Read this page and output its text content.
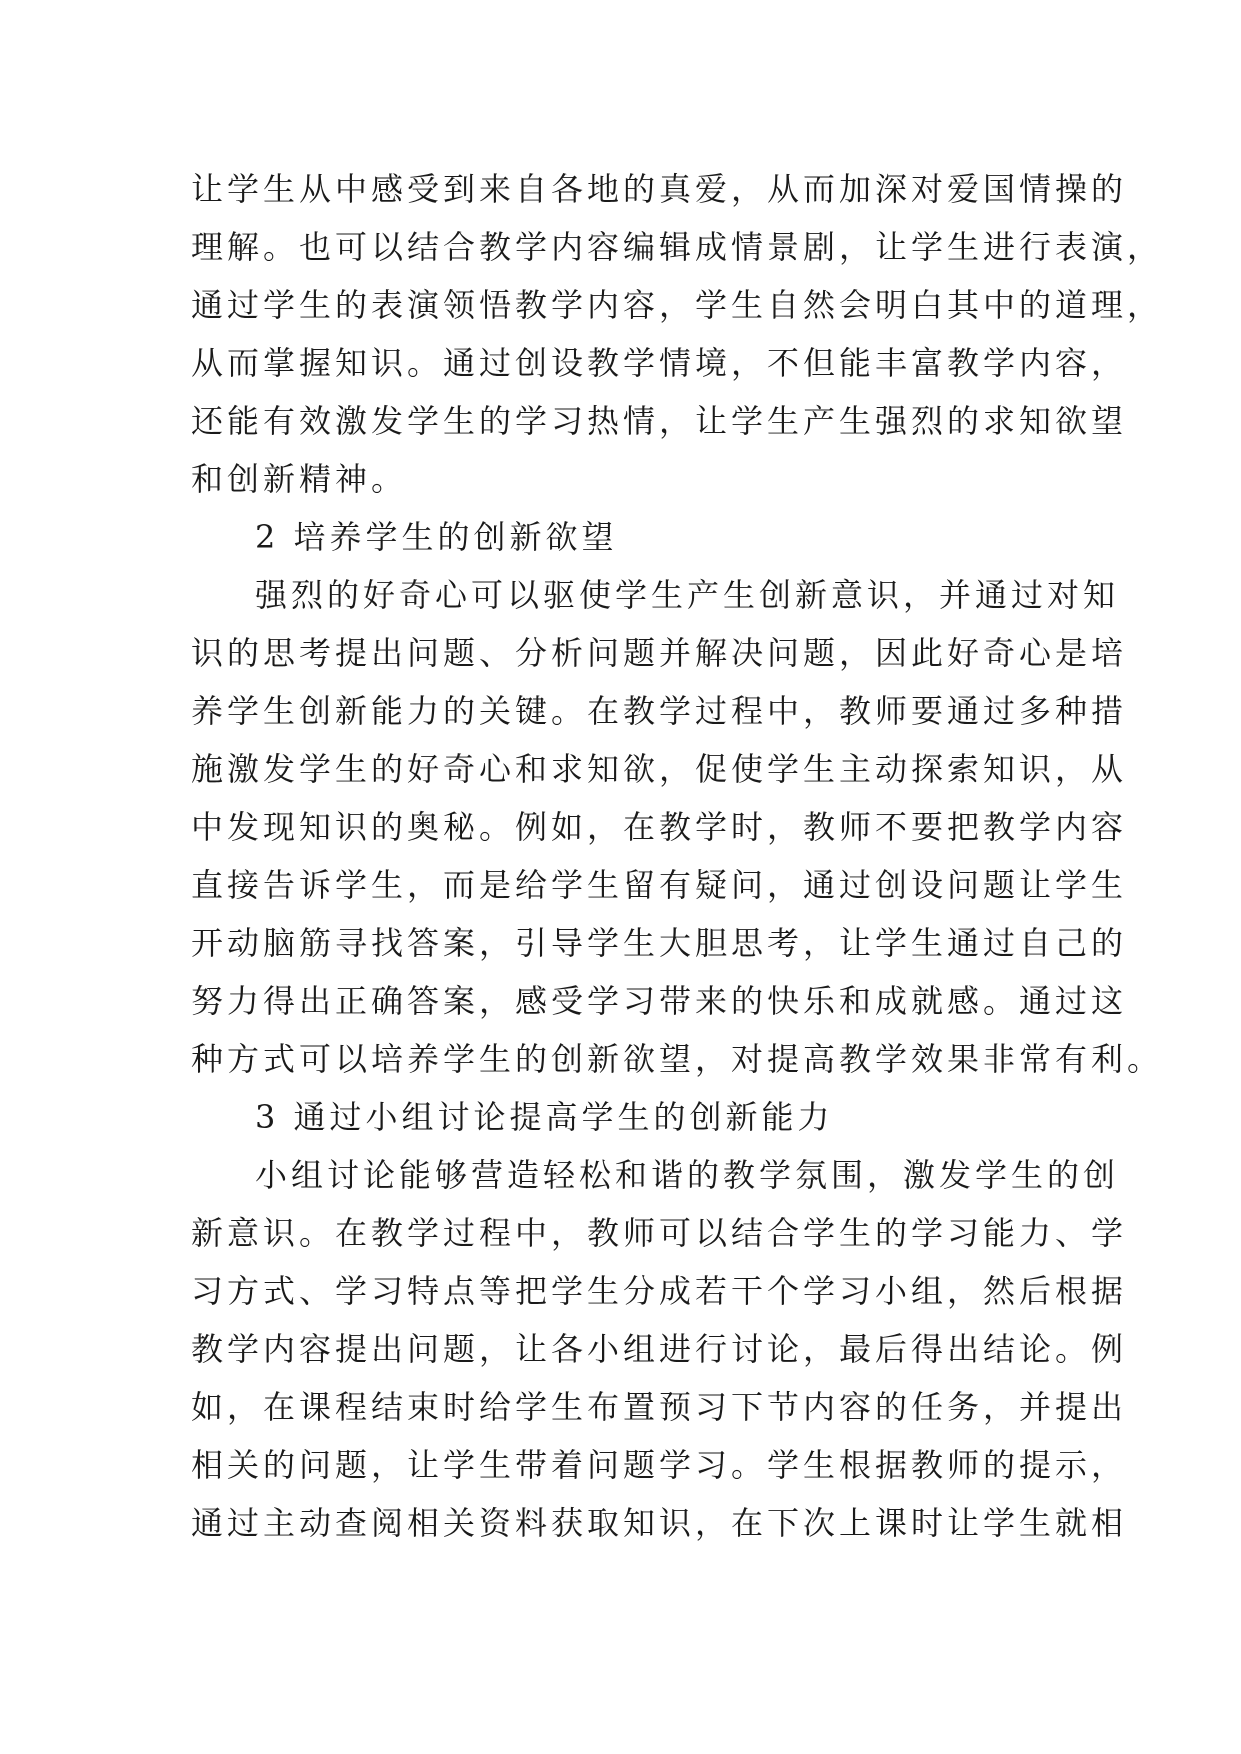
让学生从中感受到来自各地的真爱，从而加深对爱国情操的
理解。也可以结合教学内容编辑成情景剧，让学生进行表演，
通过学生的表演领悟教学内容，学生自然会明白其中的道理，
从而掌握知识。通过创设教学情境，不但能丰富教学内容，
还能有效激发学生的学习热情，让学生产生强烈的求知欲望
和创新精神。
2 培养学生的创新欲望
强烈的好奇心可以驱使学生产生创新意识，并通过对知
识的思考提出问题、分析问题并解决问题，因此好奇心是培
养学生创新能力的关键。在教学过程中，教师要通过多种措
施激发学生的好奇心和求知欲，促使学生主动探索知识，从
中发现知识的奥秘。例如，在教学时，教师不要把教学内容
直接告诉学生，而是给学生留有疑问，通过创设问题让学生
开动脑筋寻找答案，引导学生大胆思考，让学生通过自己的
努力得出正确答案，感受学习带来的快乐和成就感。通过这
种方式可以培养学生的创新欲望，对提高教学效果非常有利。
3 通过小组讨论提高学生的创新能力
小组讨论能够营造轻松和谐的教学氛围，激发学生的创
新意识。在教学过程中，教师可以结合学生的学习能力、学
习方式、学习特点等把学生分成若干个学习小组，然后根据
教学内容提出问题，让各小组进行讨论，最后得出结论。例
如，在课程结束时给学生布置预习下节内容的任务，并提出
相关的问题，让学生带着问题学习。学生根据教师的提示，
通过主动查阅相关资料获取知识，在下次上课时让学生就相
